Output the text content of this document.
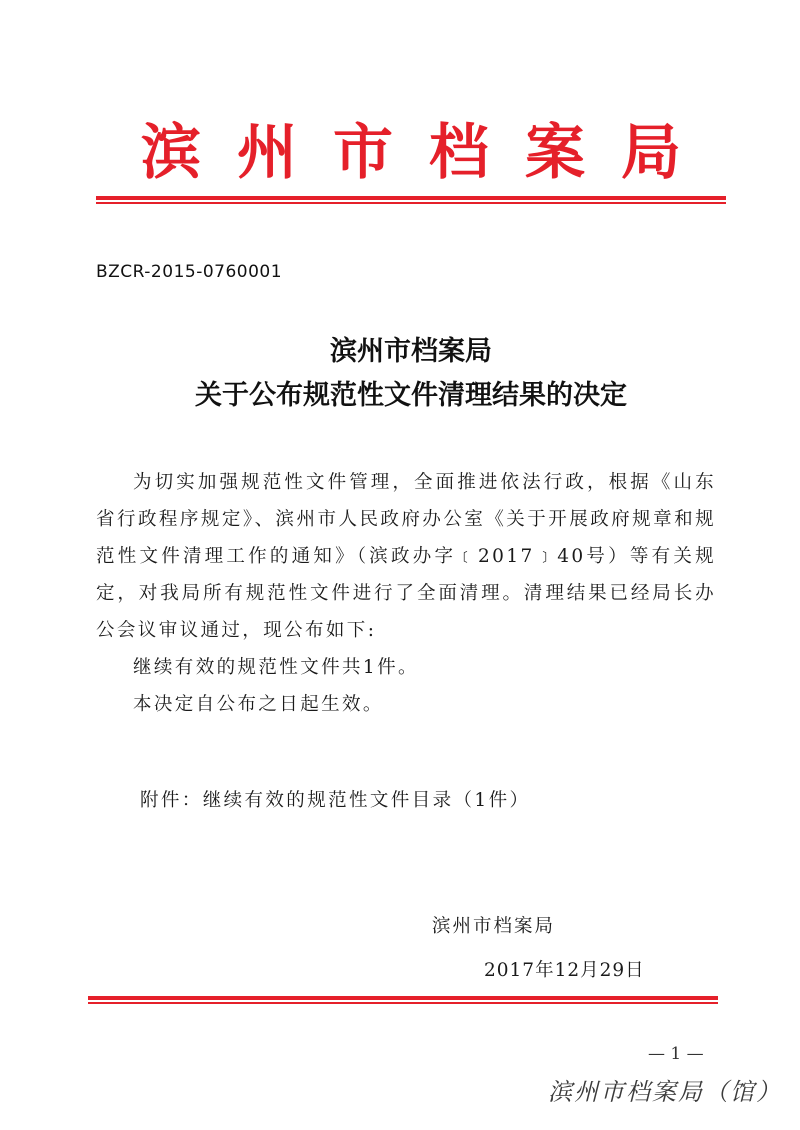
滨州市档案局
BZCR-2015-0760001
滨州市档案局
关于公布规范性文件清理结果的决定

为切实加强规范性文件管理，全面推进依法行政，根据《山东省行政程序规定》、滨州市人民政府办公室《关于开展政府规章和规范性文件清理工作的通知》（滨政办字﹝2017﹞40号）等有关规定，对我局所有规范性文件进行了全面清理。清理结果已经局长办公会议审议通过，现公布如下:

继续有效的规范性文件共1件。

本决定自公布之日起生效。

附件：继续有效的规范性文件目录（1件）
滨州市档案局
2017年12月29日
— 1 —
滨州市档案局（馆）
